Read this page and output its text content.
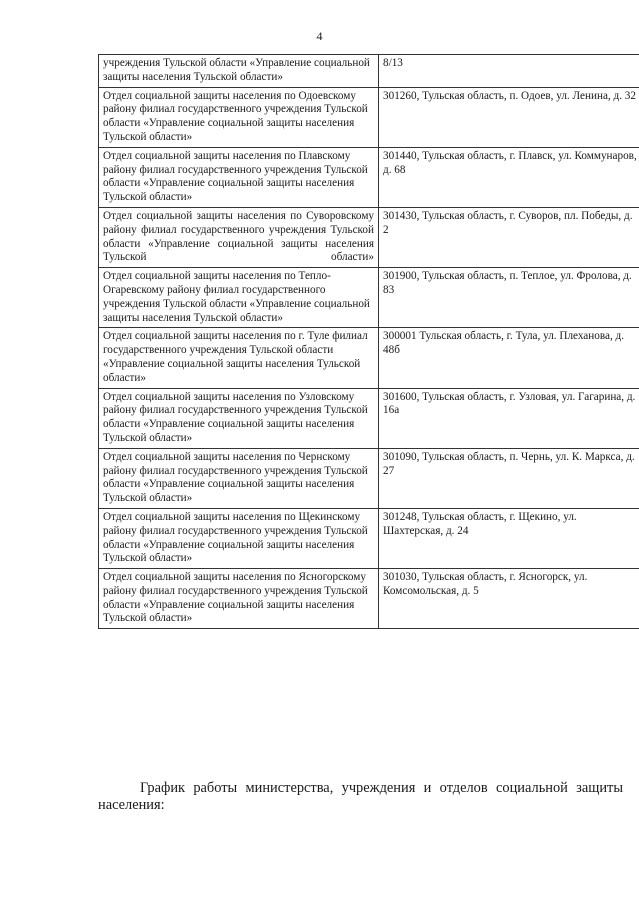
4
учреждения Тульской области «Управление социальной защиты населения Тульской области»	8/13
Отдел социальной защиты населения по Одоевскому району филиал государственного учреждения Тульской области «Управление социальной защиты населения Тульской области»	301260, Тульская область, п. Одоев, ул. Ленина, д. 32
Отдел социальной защиты населения по Плавскому району филиал государственного учреждения Тульской области «Управление социальной защиты населения Тульской области»	301440, Тульская область, г. Плавск, ул. Коммунаров, д. 68
Отдел социальной защиты населения по Суворовскому району филиал государственного учреждения Тульской области «Управление социальной защиты населения Тульской области»	301430, Тульская область, г. Суворов, пл. Победы, д. 2
Отдел социальной защиты населения по Тепло-Огаревскому району филиал государственного учреждения Тульской области «Управление социальной защиты населения Тульской области»	301900, Тульская область, п. Теплое, ул. Фролова, д. 83
Отдел социальной защиты населения по г. Туле филиал государственного учреждения Тульской области «Управление социальной защиты населения Тульской области»	300001 Тульская область, г. Тула, ул. Плеханова, д. 48б
Отдел социальной защиты населения по Узловскому району филиал государственного учреждения Тульской области «Управление социальной защиты населения Тульской области»	301600, Тульская область, г. Узловая, ул. Гагарина, д. 16а
Отдел социальной защиты населения по Чернскому району филиал государственного учреждения Тульской области «Управление социальной защиты населения Тульской области»	301090, Тульская область, п. Чернь, ул. К. Маркса, д. 27
Отдел социальной защиты населения по Щекинскому району филиал государственного учреждения Тульской области «Управление социальной защиты населения Тульской области»	301248, Тульская область, г. Щекино, ул. Шахтерская, д. 24
Отдел социальной защиты населения по Ясногорскому району филиал государственного учреждения Тульской области «Управление социальной защиты населения Тульской области»	301030, Тульская область, г. Ясногорск, ул. Комсомольская, д. 5

График работы министерства, учреждения и отделов социальной защиты населения:
